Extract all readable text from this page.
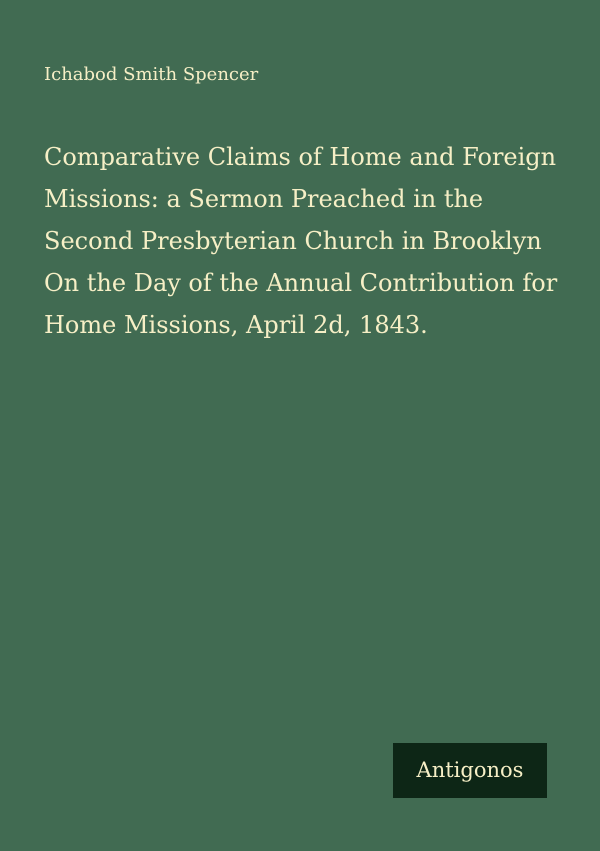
Ichabod Smith Spencer
Comparative Claims of Home and Foreign Missions: a Sermon Preached in the Second Presbyterian Church in Brooklyn On the Day of the Annual Contribution for Home Missions, April 2d, 1843.
Antigonos
